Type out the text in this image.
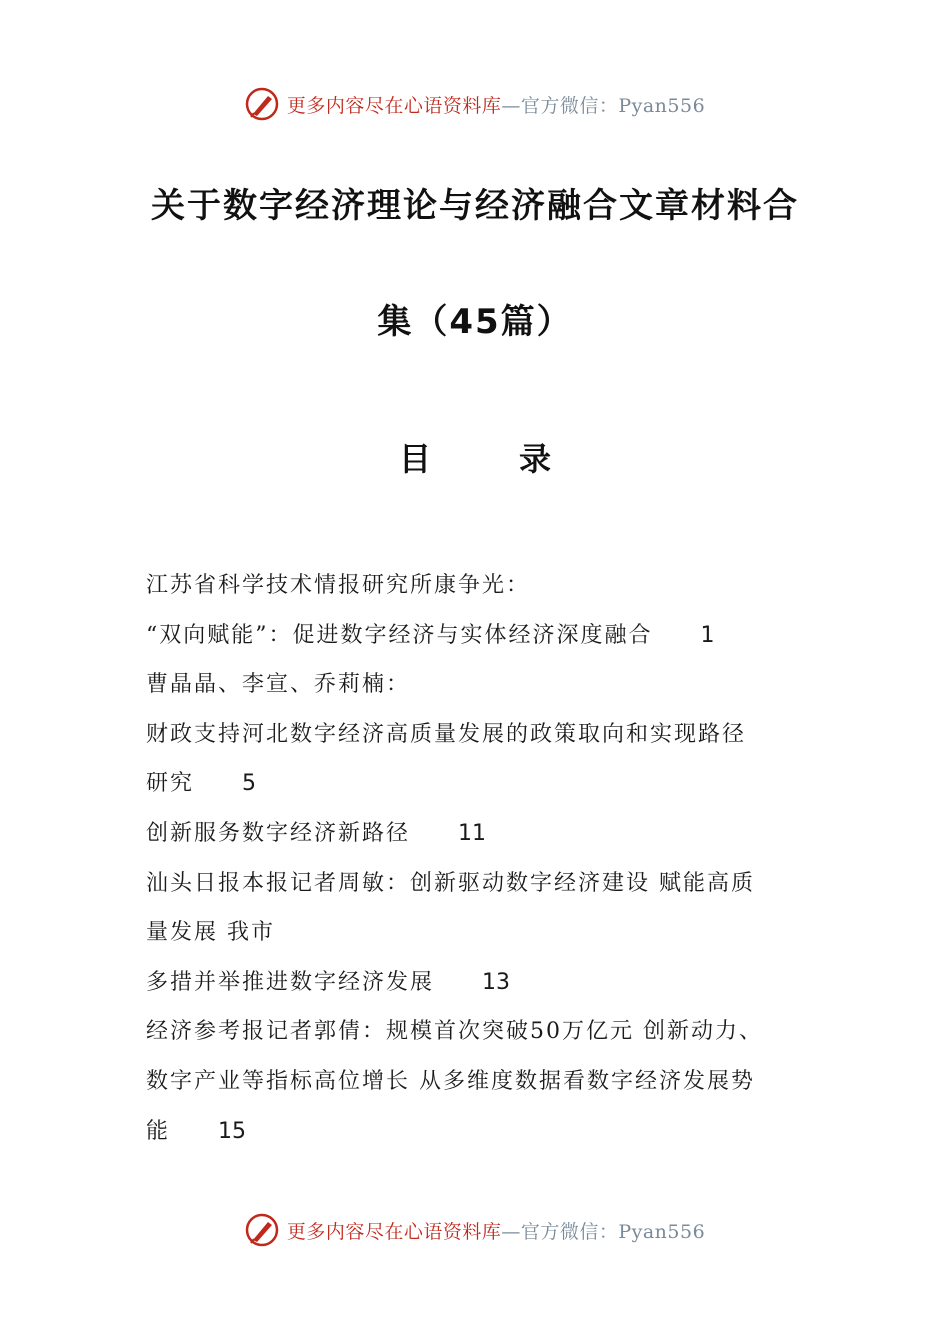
更多内容尽在心语资料库—官方微信：Pyan556
关于数字经济理论与经济融合文章材料合
集（45篇）
目录
江苏省科学技术情报研究所康争光：
“双向赋能”：促进数字经济与实体经济深度融合 1
曹晶晶、李宣、乔莉楠：
财政支持河北数字经济高质量发展的政策取向和实现路径
研究 5
创新服务数字经济新路径 11
汕头日报本报记者周敏：创新驱动数字经济建设 赋能高质
量发展 我市
多措并举推进数字经济发展 13
经济参考报记者郭倩：规模首次突破50万亿元 创新动力、
数字产业等指标高位增长 从多维度数据看数字经济发展势
能 15
更多内容尽在心语资料库—官方微信：Pyan556
